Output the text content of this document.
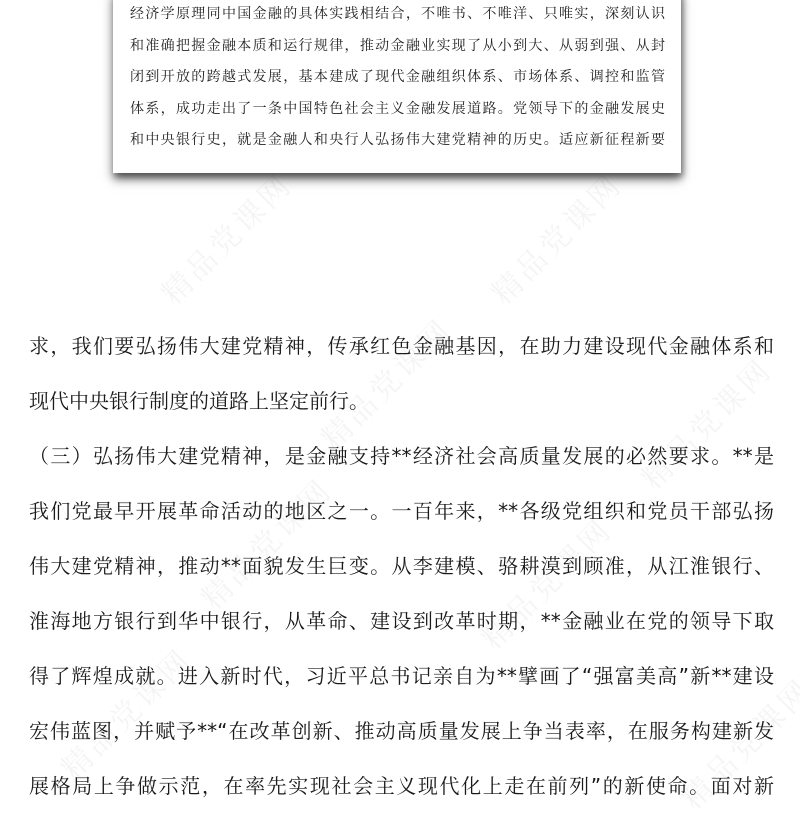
经济学原理同中国金融的具体实践相结合，不唯书、不唯洋、只唯实，深刻认识
和准确把握金融本质和运行规律，推动金融业实现了从小到大、从弱到强、从封
闭到开放的跨越式发展，基本建成了现代金融组织体系、市场体系、调控和监管
体系，成功走出了一条中国特色社会主义金融发展道路。党领导下的金融发展史
和中央银行史，就是金融人和央行人弘扬伟大建党精神的历史。适应新征程新要
求，我们要弘扬伟大建党精神，传承红色金融基因，在助力建设现代金融体系和
现代中央银行制度的道路上坚定前行。
（三）弘扬伟大建党精神，是金融支持**经济社会高质量发展的必然要求。**是
我们党最早开展革命活动的地区之一。一百年来，**各级党组织和党员干部弘扬
伟大建党精神，推动**面貌发生巨变。从李建模、骆耕漠到顾准，从江淮银行、
淮海地方银行到华中银行，从革命、建设到改革时期，**金融业在党的领导下取
得了辉煌成就。进入新时代，习近平总书记亲自为**擘画了“强富美高”新**建设
宏伟蓝图，并赋予**“在改革创新、推动高质量发展上争当表率，在服务构建新发
展格局上争做示范，在率先实现社会主义现代化上走在前列”的新使命。面对新
